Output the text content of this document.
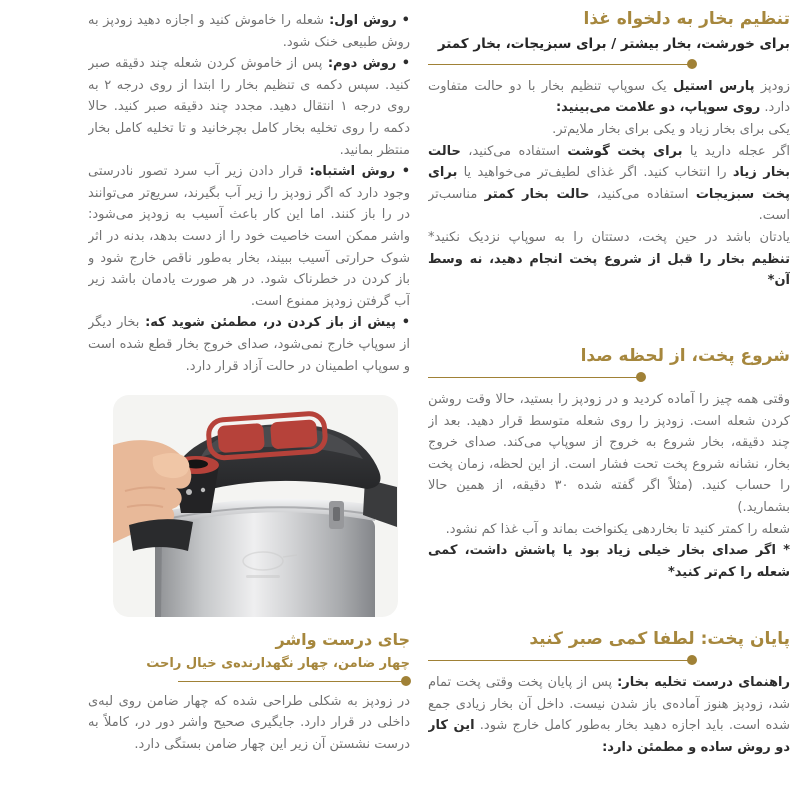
تنظیم بخار به دلخواه غذا
برای خورشت، بخار بیشتر / برای سبزیجات، بخار کمتر

زودپز پارس استیل یک سوپاپ تنظیم بخار با دو حالت متفاوت دارد. روی سوپاپ، دو علامت می‌بینید:

یکی برای بخار زیاد و یکی برای بخار ملایم‌تر.

اگر عجله دارید یا برای پخت گوشت استفاده می‌کنید، حالت بخار زیاد را انتخاب کنید. اگر غذای لطیف‌تر می‌خواهید یا برای پخت سبزیجات استفاده می‌کنید، حالت بخار کمتر مناسب‌تر است.

یادتان باشد در حین پخت، دستتان را به سوپاپ نزدیک نکنید* تنظیم بخار را قبل از شروع پخت انجام دهید، نه وسط آن*

شروع پخت، از لحظه صدا

وقتی همه چیز را آماده کردید و در زودپز را بستید، حالا وقت روشن کردن شعله است. زودپز را روی شعله متوسط قرار دهید. بعد از چند دقیقه، بخار شروع به خروج از سوپاپ می‌کند. صدای خروج بخار، نشانه شروع پخت تحت فشار است. از این لحظه، زمان پخت را حساب کنید. (مثلاً اگر گفته شده ۳۰ دقیقه، از همین حالا بشمارید.)

شعله را کمتر کنید تا بخاردهی یکنواخت بماند و آب غذا کم نشود.

* اگر صدای بخار خیلی زیاد بود یا پاشش داشت، کمی شعله را کم‌تر کنید*

پایان پخت: لطفا کمی صبر کنید

راهنمای درست تخلیه بخار: پس از پایان پخت وقتی پخت تمام شد، زودپز هنوز آماده‌ی باز شدن نیست. داخل آن بخار زیادی جمع شده است. باید اجازه دهید بخار به‌طور کامل خارج شود. این کار دو روش ساده و مطمئن دارد:

• روش اول: شعله را خاموش کنید و اجازه دهید زودپز به روش طبیعی خنک شود.

• روش دوم: پس از خاموش کردن شعله چند دقیقه صبر کنید. سپس دکمه ی تنظیم بخار را ابتدا از روی درجه ۲ به روی درجه ۱ انتقال دهید. مجدد چند دقیقه صبر کنید. حالا دکمه را روی تخلیه بخار کامل بچرخانید و تا تخلیه کامل بخار منتظر بمانید.

• روش اشتباه: قرار دادن زیر آب سرد تصور نادرستی وجود دارد که اگر زودپز را زیر آب بگیرند، سریع‌تر می‌توانند در را باز کنند. اما این کار باعث آسیب به زودپز می‌شود: واشر ممکن است خاصیت خود را از دست بدهد، بدنه در اثر شوک حرارتی آسیب ببیند، بخار به‌طور ناقص خارج شود و باز کردن در خطرناک شود. در هر صورت یادمان باشد زیر آب گرفتن زودپز ممنوع است.

• پیش از باز کردن در، مطمئن شوید که: بخار دیگر از سوپاپ خارج نمی‌شود، صدای خروج بخار قطع شده است و سوپاپ اطمینان در حالت آزاد قرار دارد.

جای درست واشر
چهار ضامن، چهار نگهدارنده‌ی خیال راحت

در زودپز به شکلی طراحی شده که چهار ضامن روی لبه‌ی داخلی در قرار دارد. جایگیری صحیح واشر دور در، کاملاً به درست نشستن آن زیر این چهار ضامن بستگی دارد.
